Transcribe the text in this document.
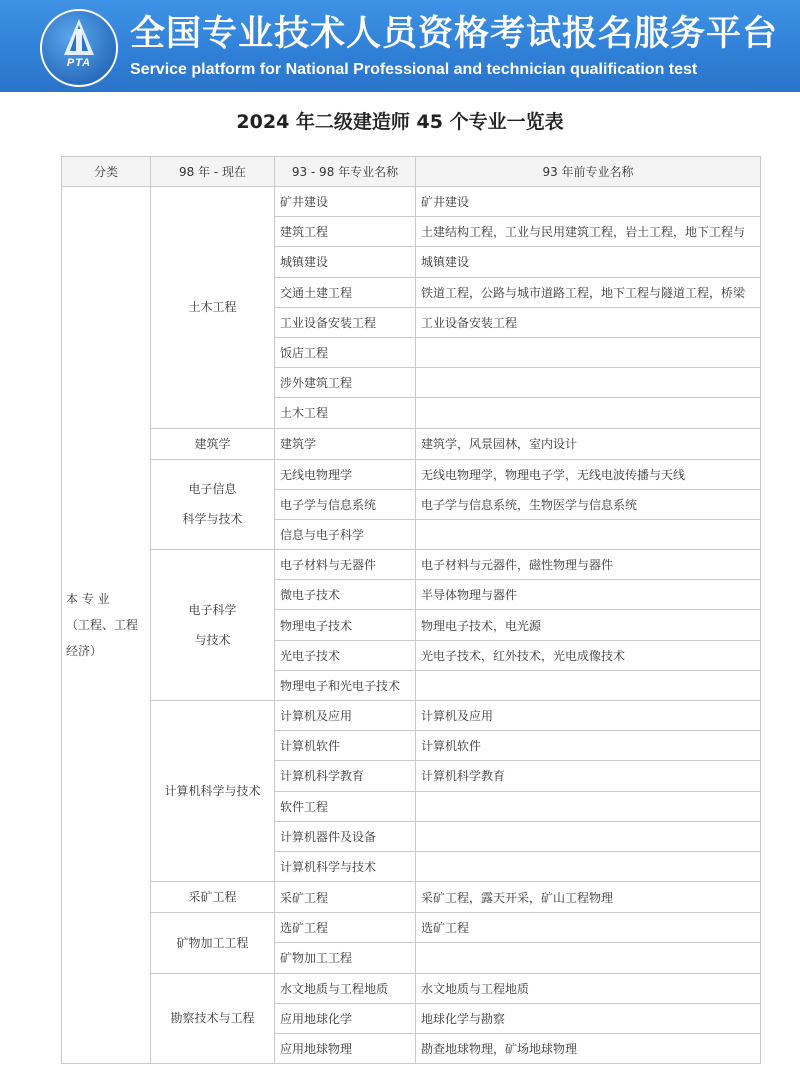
PTA
全国专业技术人员资格考试报名服务平台
Service platform for National Professional and technician qualification test
2024 年二级建造师 45 个专业一览表
分类	98 年 - 现在	93 - 98 年专业名称	93 年前专业名称

本 专 业
（工程、工程
经济）	土木工程	矿井建设	矿井建设
		建筑工程	土建结构工程，工业与民用建筑工程，岩土工程，地下工程与
		城镇建设	城镇建设
		交通土建工程	铁道工程，公路与城市道路工程，地下工程与隧道工程，桥梁
		工业设备安装工程	工业设备安装工程
		饭店工程	
		涉外建筑工程	
		土木工程	

	建筑学	建筑学	建筑学，风景园林，室内设计

	电子信息
科学与技术	无线电物理学	无线电物理学，物理电子学，无线电波传播与天线
		电子学与信息系统	电子学与信息系统，生物医学与信息系统
		信息与电子科学	

	电子科学
与技术	电子材料与无器件	电子材料与元器件，磁性物理与器件
		微电子技术	半导体物理与器件
		物理电子技术	物理电子技术，电光源
		光电子技术	光电子技术，红外技术，光电成像技术
		物理电子和光电子技术	

	计算机科学与技术	计算机及应用	计算机及应用
		计算机软件	计算机软件
		计算机科学教育	计算机科学教育
		软件工程	
		计算机器件及设备	
		计算机科学与技术	

	采矿工程	采矿工程	采矿工程，露天开采，矿山工程物理

	矿物加工工程	选矿工程	选矿工程
		矿物加工工程	

	勘察技术与工程	水文地质与工程地质	水文地质与工程地质
		应用地球化学	地球化学与勘察
		应用地球物理	勘查地球物理，矿场地球物理
